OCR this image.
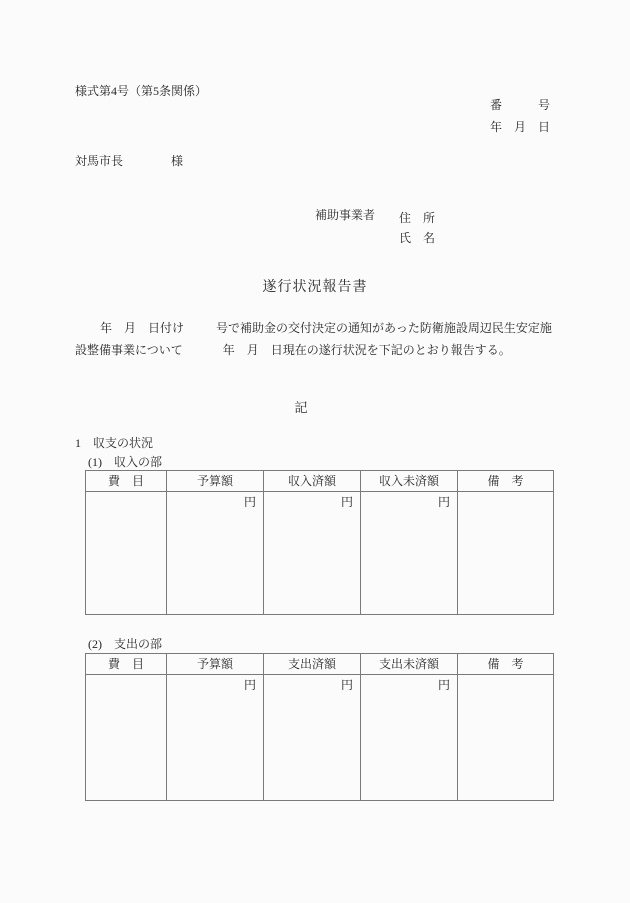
様式第4号（第5条関係）
番　　　号
年　月　日
対馬市長　　　　様
補助事業者 住　所
氏　名
遂行状況報告書
年　月　日付け	号で補助金の交付決定の通知があった防衛施設周辺民生安定施
設整備事業について	年　月　日現在の遂行状況を下記のとおり報告する。
記
1　収支の状況
(1)　収入の部
費　目	予算額	収入済額	収入未済額	備　考
	円	円	円	
(2)　支出の部
費　目	予算額	支出済額	支出未済額	備　考
	円	円	円	
